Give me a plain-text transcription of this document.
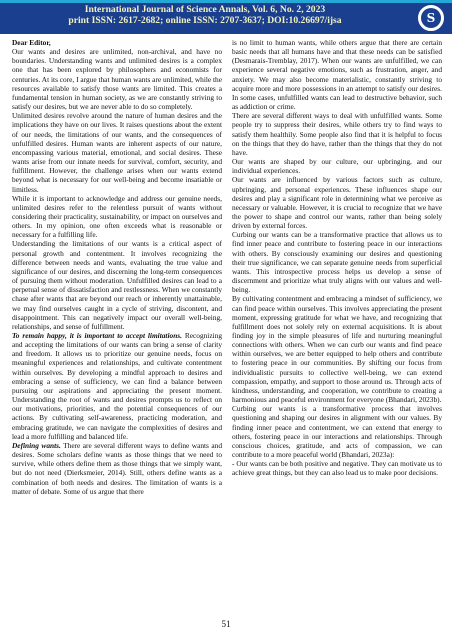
International Journal of Science Annals, Vol. 6, No. 2, 2023
print ISSN: 2617-2682; online ISSN: 2707-3637; DOI:10.26697/ijsa	S

Dear Editor,

Our wants and desires are unlimited, non-archival, and have no boundaries. Understanding wants and unlimited desires is a complex one that has been explored by philosophers and economists for centuries. At its core, I argue that human wants are unlimited, while the resources available to satisfy those wants are limited. This creates a fundamental tension in human society, as we are constantly striving to satisfy our desires, but we are never able to do so completely.

Unlimited desires revolve around the nature of human desires and the implications they have on our lives. It raises questions about the extent of our needs, the limitations of our wants, and the consequences of unfulfilled desires. Human wants are inherent aspects of our nature, encompassing various material, emotional, and social desires. These wants arise from our innate needs for survival, comfort, security, and fulfillment. However, the challenge arises when our wants extend beyond what is necessary for our well-being and become insatiable or limitless.

While it is important to acknowledge and address our genuine needs, unlimited desires refer to the relentless pursuit of wants without considering their practicality, sustainability, or impact on ourselves and others. In my opinion, one often exceeds what is reasonable or necessary for a fulfilling life.

Understanding the limitations of our wants is a critical aspect of personal growth and contentment. It involves recognizing the difference between needs and wants, evaluating the true value and significance of our desires, and discerning the long-term consequences of pursuing them without moderation. Unfulfilled desires can lead to a perpetual sense of dissatisfaction and restlessness. When we constantly chase after wants that are beyond our reach or inherently unattainable, we may find ourselves caught in a cycle of striving, discontent, and disappointment. This can negatively impact our overall well-being, relationships, and sense of fulfillment.

To remain happy, it is important to accept limitations. Recognizing and accepting the limitations of our wants can bring a sense of clarity and freedom. It allows us to prioritize our genuine needs, focus on meaningful experiences and relationships, and cultivate contentment within ourselves. By developing a mindful approach to desires and embracing a sense of sufficiency, we can find a balance between pursuing our aspirations and appreciating the present moment. Understanding the root of wants and desires prompts us to reflect on our motivations, priorities, and the potential consequences of our actions. By cultivating self-awareness, practicing moderation, and embracing gratitude, we can navigate the complexities of desires and lead a more fulfilling and balanced life.

Defining wants. There are several different ways to define wants and desires. Some scholars define wants as those things that we need to survive, while others define them as those things that we simply want, but do not need (Dierksmeier, 2014). Still, others define wants as a combination of both needs and desires. The limitation of wants is a matter of debate. Some of us argue that there

is no limit to human wants, while others argue that there are certain basic needs that all humans have and that these needs can be satisfied (Desmarais-Tremblay, 2017). When our wants are unfulfilled, we can experience several negative emotions, such as frustration, anger, and anxiety. We may also become materialistic, constantly striving to acquire more and more possessions in an attempt to satisfy our desires. In some cases, unfulfilled wants can lead to destructive behavior, such as addiction or crime.

There are several different ways to deal with unfulfilled wants. Some people try to suppress their desires, while others try to find ways to satisfy them healthily. Some people also find that it is helpful to focus on the things that they do have, rather than the things that they do not have.

Our wants are shaped by our culture, our upbringing, and our individual experiences.

Our wants are influenced by various factors such as culture, upbringing, and personal experiences. These influences shape our desires and play a significant role in determining what we perceive as necessary or valuable. However, it is crucial to recognize that we have the power to shape and control our wants, rather than being solely driven by external forces.

Curbing our wants can be a transformative practice that allows us to find inner peace and contribute to fostering peace in our interactions with others. By consciously examining our desires and questioning their true significance, we can separate genuine needs from superficial wants. This introspective process helps us develop a sense of discernment and prioritize what truly aligns with our values and well-being.

By cultivating contentment and embracing a mindset of sufficiency, we can find peace within ourselves. This involves appreciating the present moment, expressing gratitude for what we have, and recognizing that fulfillment does not solely rely on external acquisitions. It is about finding joy in the simple pleasures of life and nurturing meaningful connections with others. When we can curb our wants and find peace within ourselves, we are better equipped to help others and contribute to fostering peace in our communities. By shifting our focus from individualistic pursuits to collective well-being, we can extend compassion, empathy, and support to those around us. Through acts of kindness, understanding, and cooperation, we contribute to creating a harmonious and peaceful environment for everyone (Bhandari, 2023b).

Curbing our wants is a transformative process that involves questioning and shaping our desires in alignment with our values. By finding inner peace and contentment, we can extend that energy to others, fostering peace in our interactions and relationships. Through conscious choices, gratitude, and acts of compassion, we can contribute to a more peaceful world (Bhandari, 2023a):

- Our wants can be both positive and negative. They can motivate us to achieve great things, but they can also lead us to make poor decisions.

51
